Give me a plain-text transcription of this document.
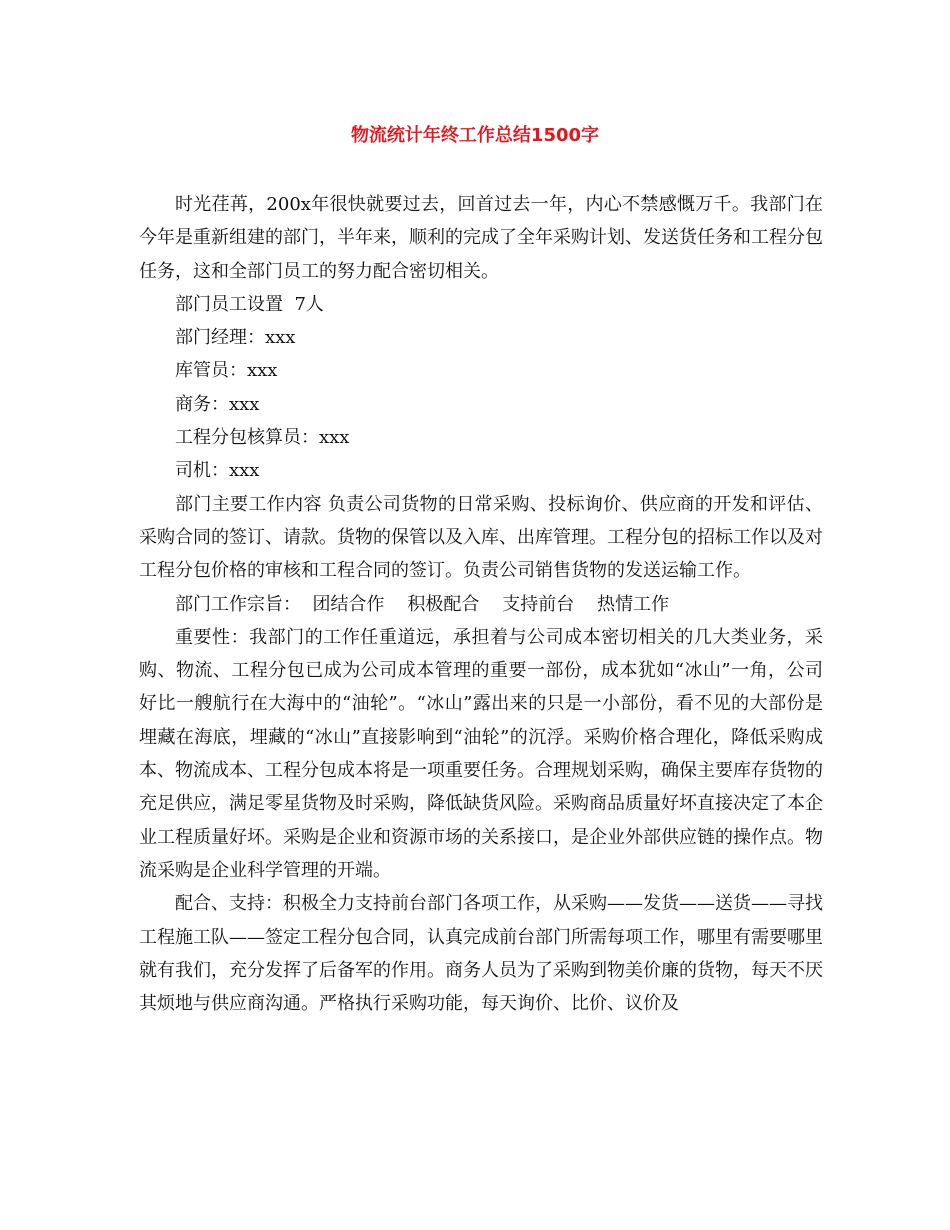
物流统计年终工作总结1500字

时光荏苒，200x年很快就要过去，回首过去一年，内心不禁感慨万千。我部门在今年是重新组建的部门，半年来，顺利的完成了全年采购计划、发送货任务和工程分包任务，这和全部门员工的努力配合密切相关。

部门员工设置  7人

部门经理：xxx

库管员：xxx

商务：xxx

工程分包核算员：xxx

司机：xxx

部门主要工作内容 负责公司货物的日常采购、投标询价、供应商的开发和评估、采购合同的签订、请款。货物的保管以及入库、出库管理。工程分包的招标工作以及对工程分包价格的审核和工程合同的签订。负责公司销售货物的发送运输工作。

部门工作宗旨：  团结合作    积极配合    支持前台    热情工作

重要性：我部门的工作任重道远，承担着与公司成本密切相关的几大类业务，采购、物流、工程分包已成为公司成本管理的重要一部份，成本犹如“冰山”一角，公司好比一艘航行在大海中的“油轮”。“冰山”露出来的只是一小部份，看不见的大部份是埋藏在海底，埋藏的“冰山”直接影响到“油轮”的沉浮。采购价格合理化，降低采购成本、物流成本、工程分包成本将是一项重要任务。合理规划采购，确保主要库存货物的充足供应，满足零星货物及时采购，降低缺货风险。采购商品质量好坏直接决定了本企业工程质量好坏。采购是企业和资源市场的关系接口，是企业外部供应链的操作点。物流采购是企业科学管理的开端。

配合、支持：积极全力支持前台部门各项工作，从采购——发货——送货——寻找工程施工队——签定工程分包合同，认真完成前台部门所需每项工作，哪里有需要哪里就有我们，充分发挥了后备军的作用。商务人员为了采购到物美价廉的货物，每天不厌其烦地与供应商沟通。严格执行采购功能，每天询价、比价、议价及
